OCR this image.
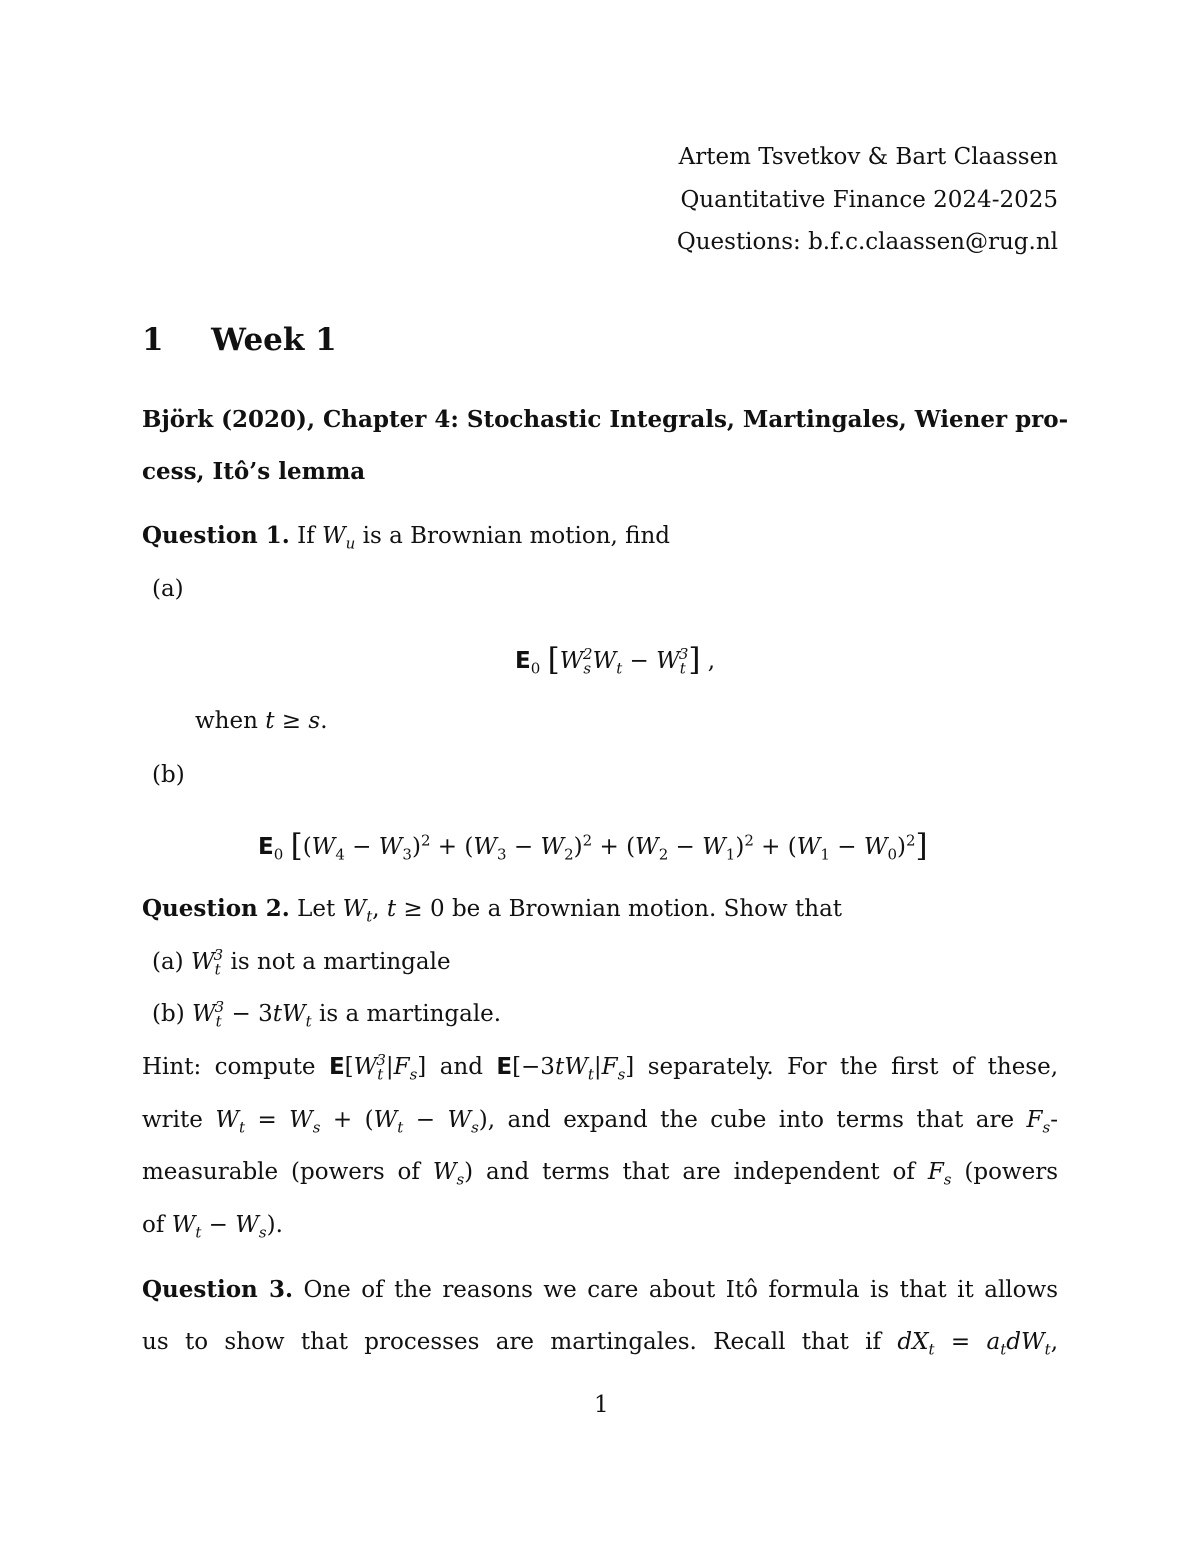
Artem Tsvetkov & Bart Claassen
Quantitative Finance 2024-2025
Questions: b.f.c.claassen@rug.nl
1 Week 1
Björk (2020), Chapter 4: Stochastic Integrals, Martingales, Wiener pro-
cess, Itô’s lemma
Question 1. If $W_u$ is a Brownian motion, find
(a)
$E_0$ $[W_s^2W_t - W_t^3]$ ,
when t ≥ s.
(b)
$E_0$ $[(W_4 - W_3)^2 + (W_3 - W_2)^2 + (W_2 - W_1)^2 + (W_1 - W_0)^2]$
Question 2. Let $W_t$, t ≥ 0 be a Brownian motion. Show that
(a) $W_t^3$ is not a martingale
(b) $W_t^3 - 3tW_t$ is a martingale.
Hint: compute $E[W_t^3|F_s]$ and $E[-3tW_t|F_s]$ separately. For the first of these,
write $W_t = W_s + (W_t - W_s)$, and expand the cube into terms that are $F_s-$
measurable (powers of $W_s$) and terms that are independent of $F_s$ (powers
of $W_t - W_s$).
Question 3. One of the reasons we care about Itô formula is that it allows
us to show that processes are martingales. Recall that if $dX_t = a_tdW_t$,
1
